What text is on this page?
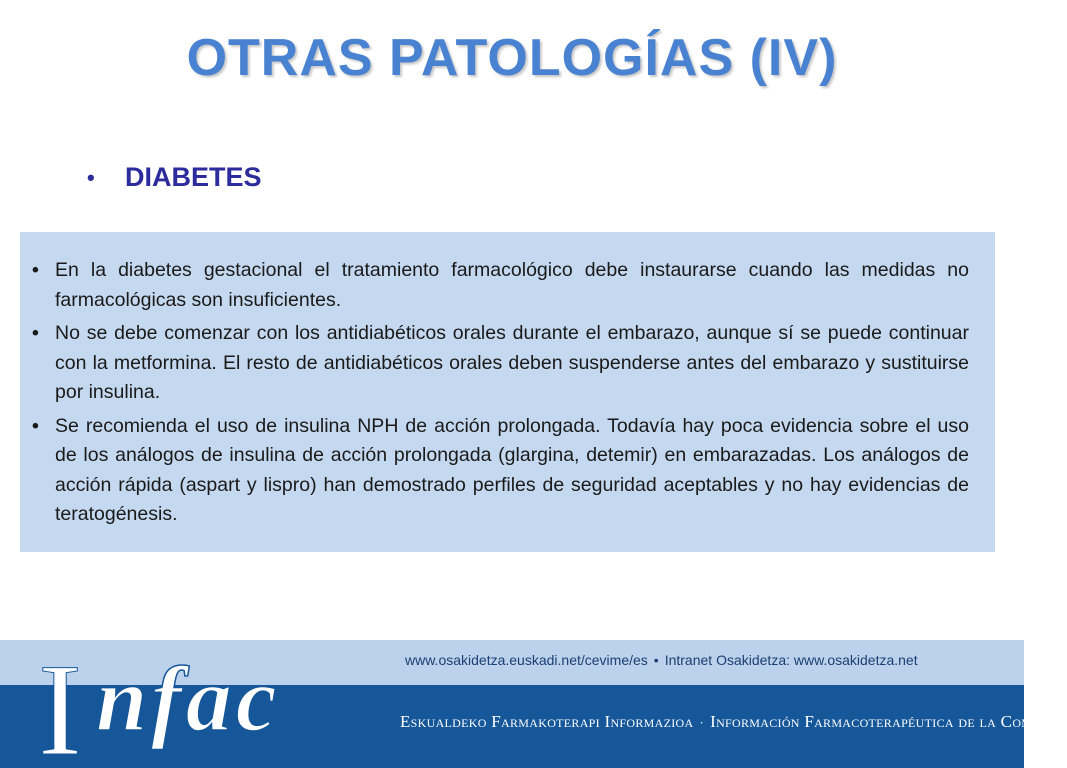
OTRAS PATOLOGÍAS (IV)
•	DIABETES
• En la diabetes gestacional el tratamiento farmacológico debe instaurarse cuando las medidas no farmacológicas son insuficientes.
• No se debe comenzar con los antidiabéticos orales durante el embarazo, aunque sí se puede continuar con la metformina. El resto de antidiabéticos orales deben suspenderse antes del embarazo y sustituirse por insulina.
• Se recomienda el uso de insulina NPH de acción prolongada. Todavía hay poca evidencia sobre el uso de los análogos de insulina de acción prolongada (glargina, detemir) en embarazadas. Los análogos de acción rápida (aspart y lispro) han demostrado perfiles de seguridad aceptables y no hay evidencias de teratogénesis.
www.osakidetza.euskadi.net/cevime/es • Intranet Osakidetza: www.osakidetza.net
Eskualdeko Farmakoterapi Informazioa · Información Farmacoterapéutica de la Comarca
I nfac
